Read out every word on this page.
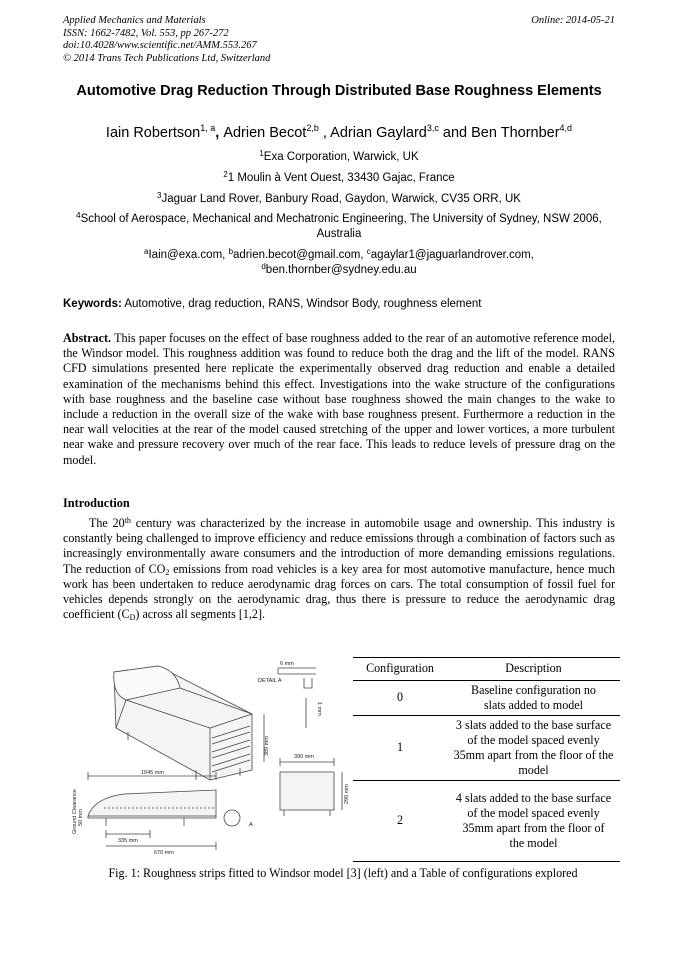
Applied Mechanics and Materials
ISSN: 1662-7482, Vol. 553, pp 267-272
doi:10.4028/www.scientific.net/AMM.553.267
© 2014 Trans Tech Publications Ltd, Switzerland
Online: 2014-05-21
Automotive Drag Reduction Through Distributed Base Roughness Elements
Iain Robertson$^{1, a}$, Adrien Becot$^{2,b}$ , Adrian Gaylard$^{3,c}$ and Ben Thornber$^{4,d}$
$^1$Exa Corporation, Warwick, UK
$^2$1 Moulin à Vent Ouest, 33430 Gajac, France
$^3$Jaguar Land Rover, Banbury Road, Gaydon, Warwick, CV35 ORR, UK
$^4$School of Aerospace, Mechanical and Mechatronic Engineering, The University of Sydney, NSW 2006, Australia
$^a$Iain@exa.com, $^b$adrien.becot@gmail.com, $^c$agaylar1@jaguarlandrover.com,
$^d$ben.thornber@sydney.edu.au
Keywords: Automotive, drag reduction, RANS, Windsor Body, roughness element
Abstract. This paper focuses on the effect of base roughness added to the rear of an automotive reference model, the Windsor model. This roughness addition was found to reduce both the drag and the lift of the model. RANS CFD simulations presented here replicate the experimentally observed drag reduction and enable a detailed examination of the mechanisms behind this effect. Investigations into the wake structure of the configurations with base roughness and the baseline case without base roughness showed the main changes to the wake to include a reduction in the overall size of the wake with base roughness present. Furthermore a reduction in the near wall velocities at the rear of the model caused stretching of the upper and lower vortices, a more turbulent near wake and pressure recovery over much of the rear face. This leads to reduce levels of pressure drag on the model.
Introduction
The 20th century was characterized by the increase in automobile usage and ownership. This industry is constantly being challenged to improve efficiency and reduce emissions through a combination of factors such as increasingly environmentally aware consumers and the introduction of more demanding emissions regulations. The reduction of $CO_2$ emissions from road vehicles is a key area for most automotive manufacture, hence much work has been undertaken to reduce aerodynamic drag forces on cars. The total consumption of fossil fuel for vehicles depends strongly on the aerodynamic drag, thus there is pressure to reduce the aerodynamic drag coefficient $(C_D)$ across all segments [1,2].
6 mm
DETAIL A
1 mm
389 mm
1045 mm
390 mm
Ground Clearance 50 mm
290 mm
335 mm
670 mm
A
Configuration	Description
0	Baseline configuration no slats added to model
1	3 slats added to the base surface of the model spaced evenly 35mm apart from the floor of the model
2	4 slats added to the base surface of the model spaced evenly 35mm apart from the floor of the model
Fig. 1: Roughness strips fitted to Windsor model [3] (left) and a Table of configurations explored
